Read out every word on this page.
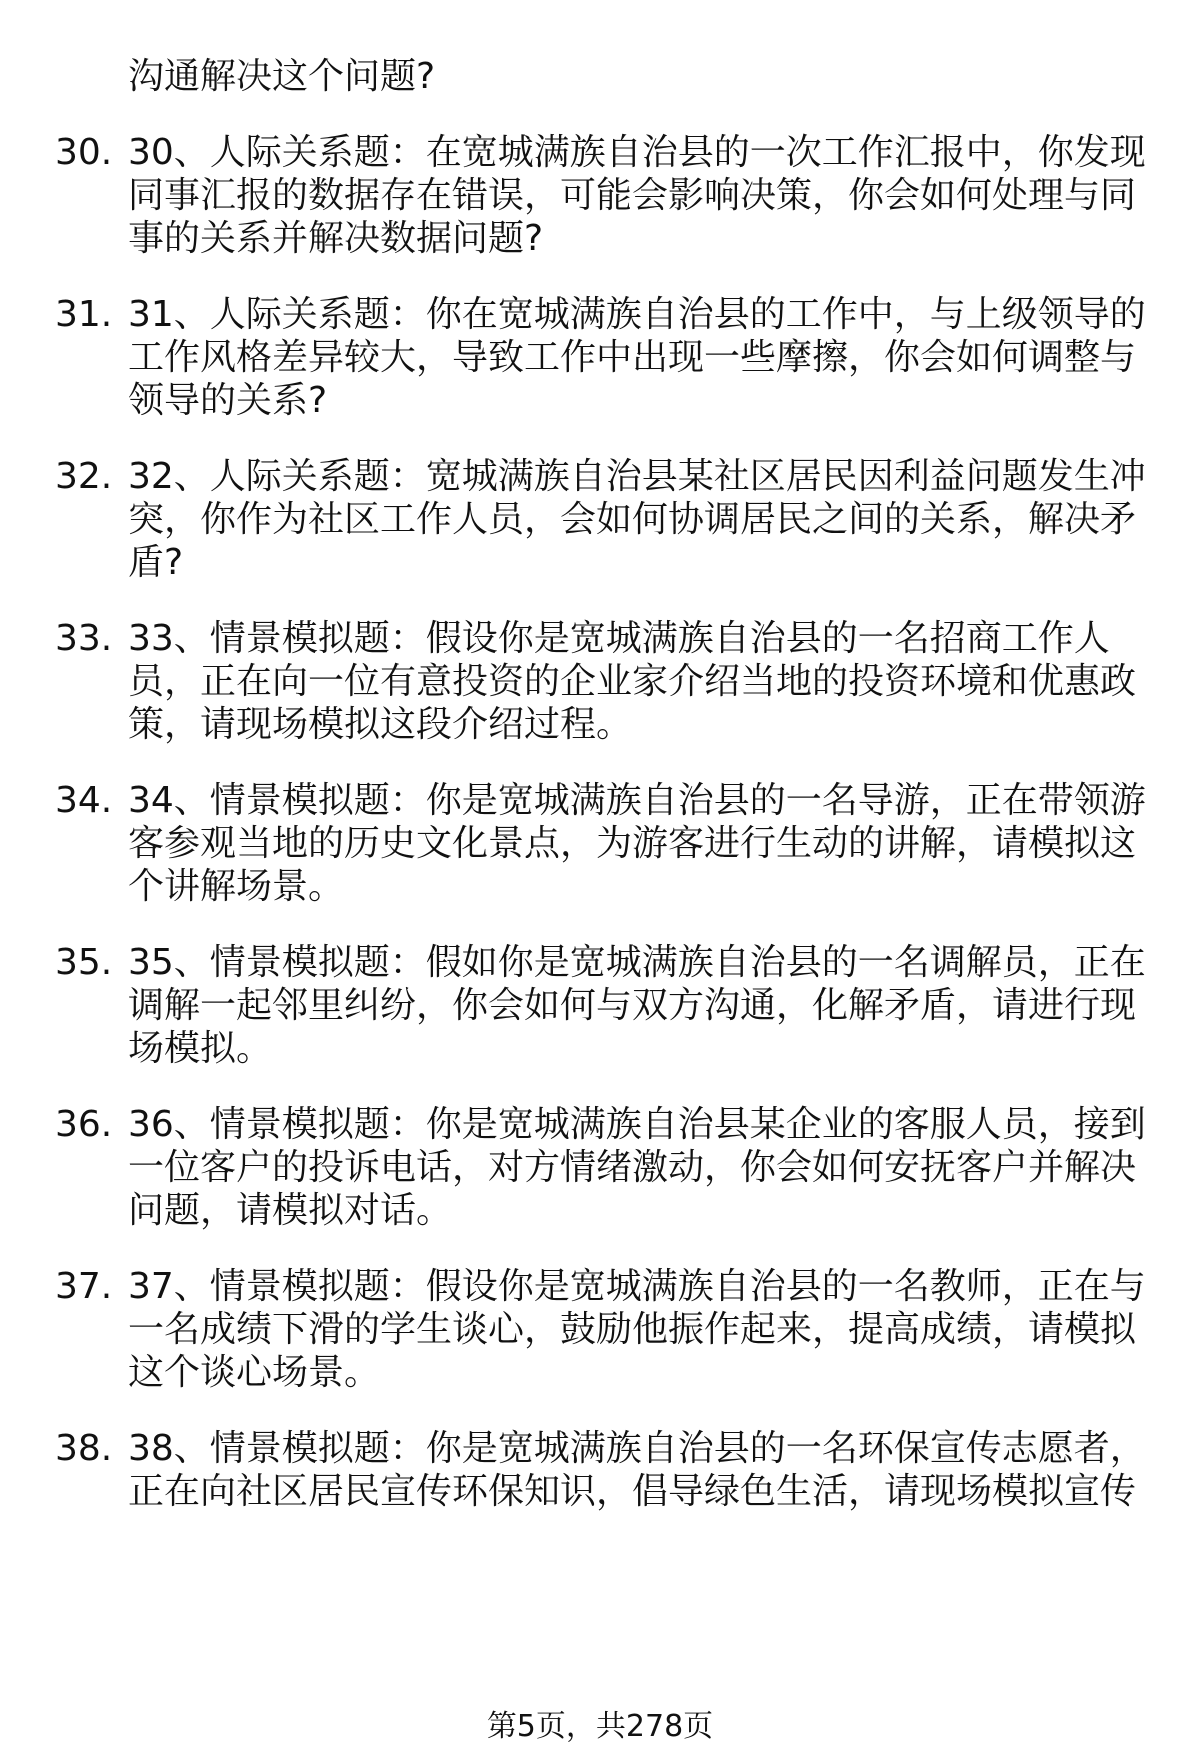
沟通解决这个问题?
30. 30、人际关系题：在宽城满族自治县的一次工作汇报中，你发现
同事汇报的数据存在错误，可能会影响决策，你会如何处理与同
事的关系并解决数据问题?
31. 31、人际关系题：你在宽城满族自治县的工作中，与上级领导的
工作风格差异较大，导致工作中出现一些摩擦，你会如何调整与
领导的关系?
32. 32、人际关系题：宽城满族自治县某社区居民因利益问题发生冲
突，你作为社区工作人员，会如何协调居民之间的关系，解决矛
盾?
33. 33、情景模拟题：假设你是宽城满族自治县的一名招商工作人
员，正在向一位有意投资的企业家介绍当地的投资环境和优惠政
策，请现场模拟这段介绍过程。
34. 34、情景模拟题：你是宽城满族自治县的一名导游，正在带领游
客参观当地的历史文化景点，为游客进行生动的讲解，请模拟这
个讲解场景。
35. 35、情景模拟题：假如你是宽城满族自治县的一名调解员，正在
调解一起邻里纠纷，你会如何与双方沟通，化解矛盾，请进行现
场模拟。
36. 36、情景模拟题：你是宽城满族自治县某企业的客服人员，接到
一位客户的投诉电话，对方情绪激动，你会如何安抚客户并解决
问题，请模拟对话。
37. 37、情景模拟题：假设你是宽城满族自治县的一名教师，正在与
一名成绩下滑的学生谈心，鼓励他振作起来，提高成绩，请模拟
这个谈心场景。
38. 38、情景模拟题：你是宽城满族自治县的一名环保宣传志愿者，
正在向社区居民宣传环保知识，倡导绿色生活，请现场模拟宣传
第5页，共278页
